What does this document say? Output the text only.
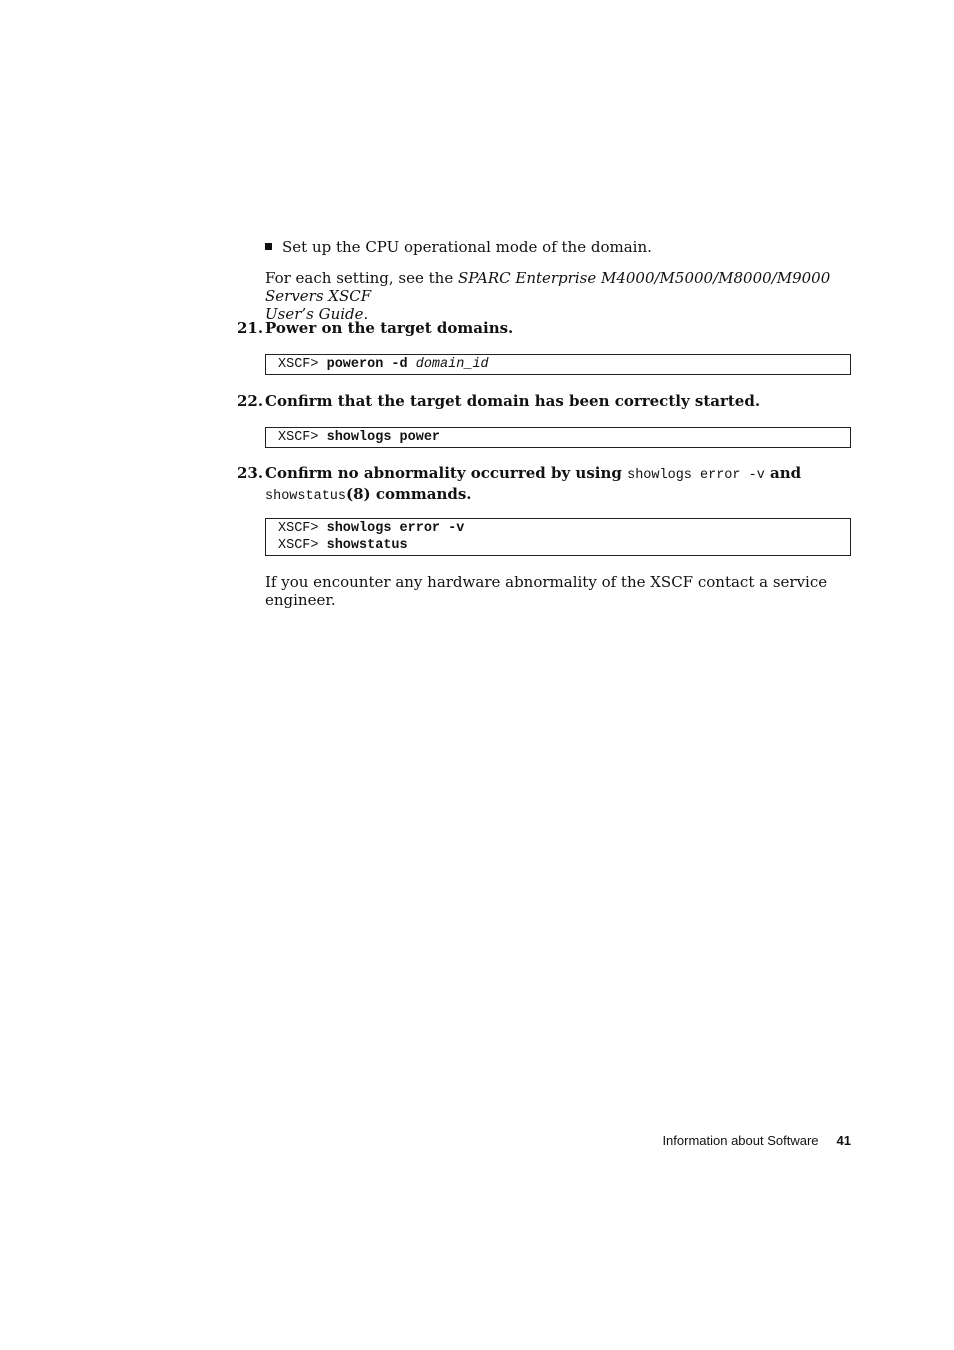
Set up the CPU operational mode of the domain.
For each setting, see the SPARC Enterprise M4000/M5000/M8000/M9000 Servers XSCF
User’s Guide.
21. Power on the target domains.
XSCF> poweron -d domain_id
22. Confirm that the target domain has been correctly started.
XSCF> showlogs power
23. Confirm no abnormality occurred by using showlogs error -v and
showstatus(8) commands.
XSCF> showlogs error -v
XSCF> showstatus
If you encounter any hardware abnormality of the XSCF contact a service engineer.
Information about Software 41
